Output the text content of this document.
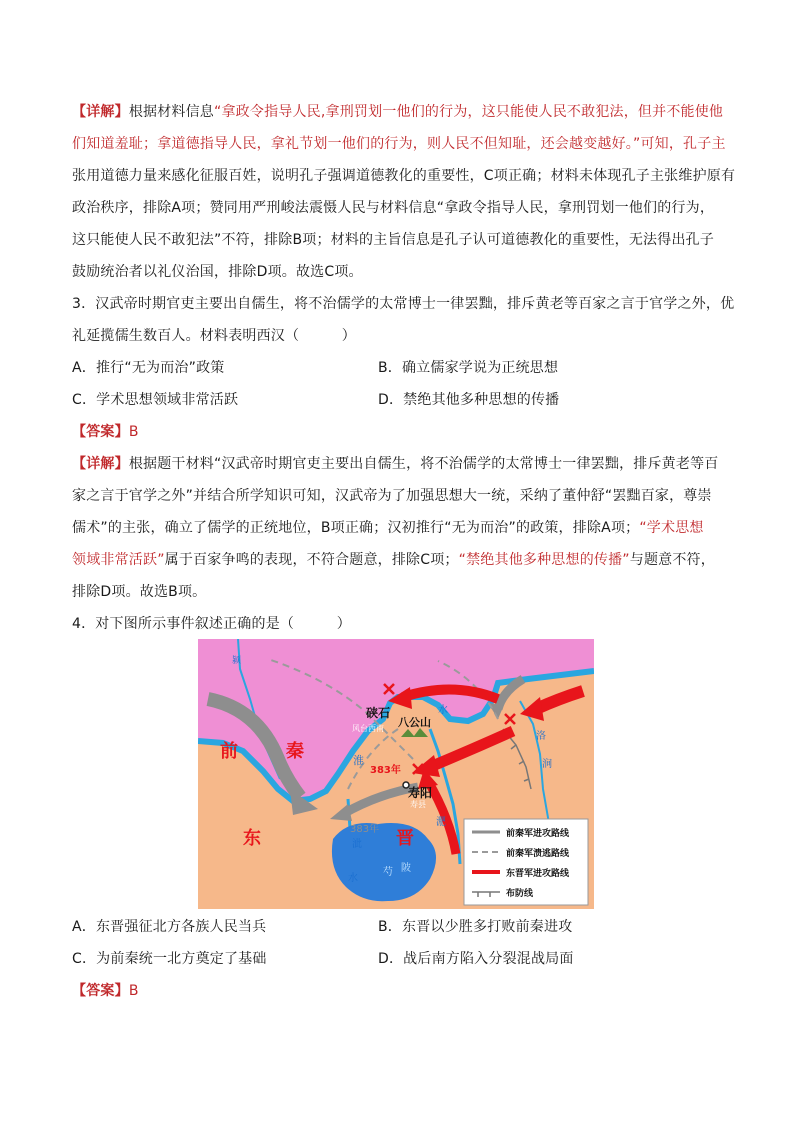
【详解】根据材料信息“拿政令指导人民,拿刑罚划一他们的行为，这只能使人民不敢犯法，但并不能使他
们知道羞耻；拿道德指导人民，拿礼节划一他们的行为，则人民不但知耻，还会越变越好。”可知，孔子主
张用道德力量来感化征服百姓，说明孔子强调道德教化的重要性，C项正确；材料未体现孔子主张维护原有
政治秩序，排除A项；赞同用严刑峻法震慑人民与材料信息“拿政令指导人民，拿刑罚划一他们的行为，
这只能使人民不敢犯法”不符，排除B项；材料的主旨信息是孔子认可道德教化的重要性，无法得出孔子
鼓励统治者以礼仪治国，排除D项。故选C项。
3．汉武帝时期官吏主要出自儒生，将不治儒学的太常博士一律罢黜，排斥黄老等百家之言于官学之外，优
礼延揽儒生数百人。材料表明西汉（　　　）
A．推行“无为而治”政策	B．确立儒家学说为正统思想
C．学术思想领域非常活跃	D．禁绝其他多种思想的传播
【答案】B
【详解】根据题干材料“汉武帝时期官吏主要出自儒生，将不治儒学的太常博士一律罢黜，排斥黄老等百
家之言于官学之外”并结合所学知识可知，汉武帝为了加强思想大一统，采纳了董仲舒“罢黜百家，尊崇
儒术”的主张，确立了儒学的正统地位，B项正确；汉初推行“无为而治”的政策，排除A项；“学术思想
领域非常活跃”属于百家争鸣的表现，不符合题意，排除C项；“禁绝其他多种思想的传播”与题意不符，
排除D项。故选B项。
4．对下图所示事件叙述正确的是（　　　）
前	秦
东	晋
硖石
风台西南 八公山
寿阳
寿县
383年
383年
淮
水
淝
颍
洛
涧
泚
水
芍 陂
前秦军进攻路线
前秦军溃逃路线
东晋军进攻路线
布防线
A．东晋强征北方各族人民当兵	B．东晋以少胜多打败前秦进攻
C．为前秦统一北方奠定了基础	D．战后南方陷入分裂混战局面
【答案】B
